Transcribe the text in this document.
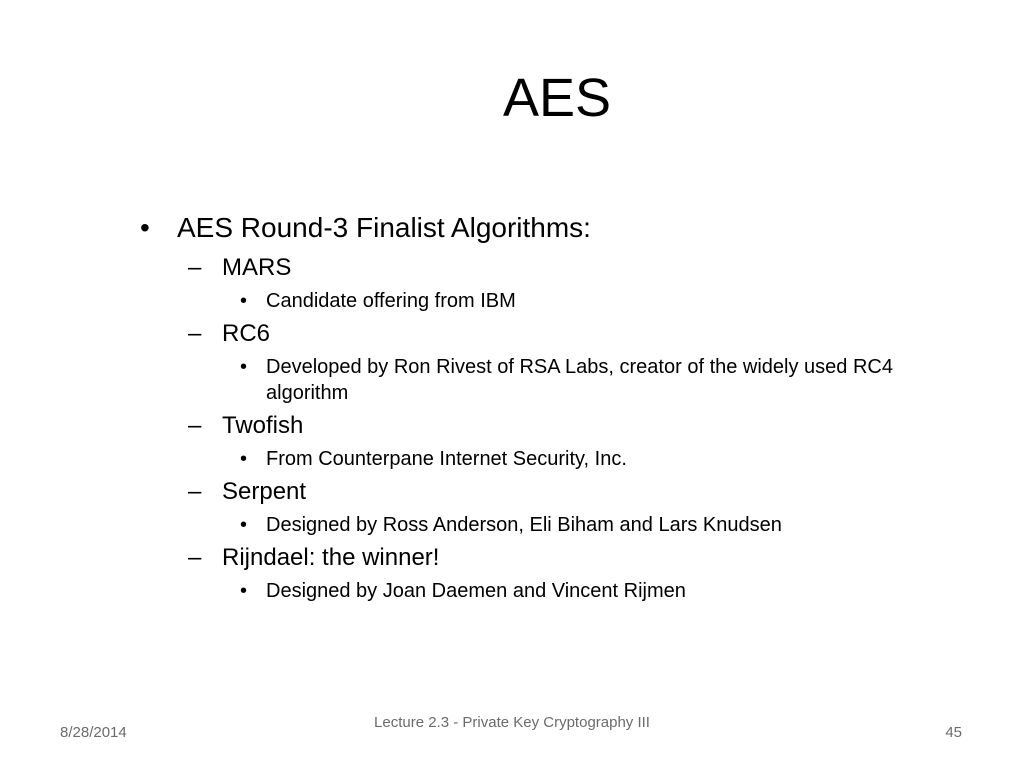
AES
• AES Round-3 Finalist Algorithms:
– MARS
• Candidate offering from IBM
– RC6
• Developed by Ron Rivest of RSA Labs, creator of the widely used RC4 algorithm
– Twofish
• From Counterpane Internet Security, Inc.
– Serpent
• Designed by Ross Anderson, Eli Biham and Lars Knudsen
– Rijndael: the winner!
• Designed by Joan Daemen and Vincent Rijmen
8/28/2014
Lecture 2.3 - Private Key Cryptography III
45
